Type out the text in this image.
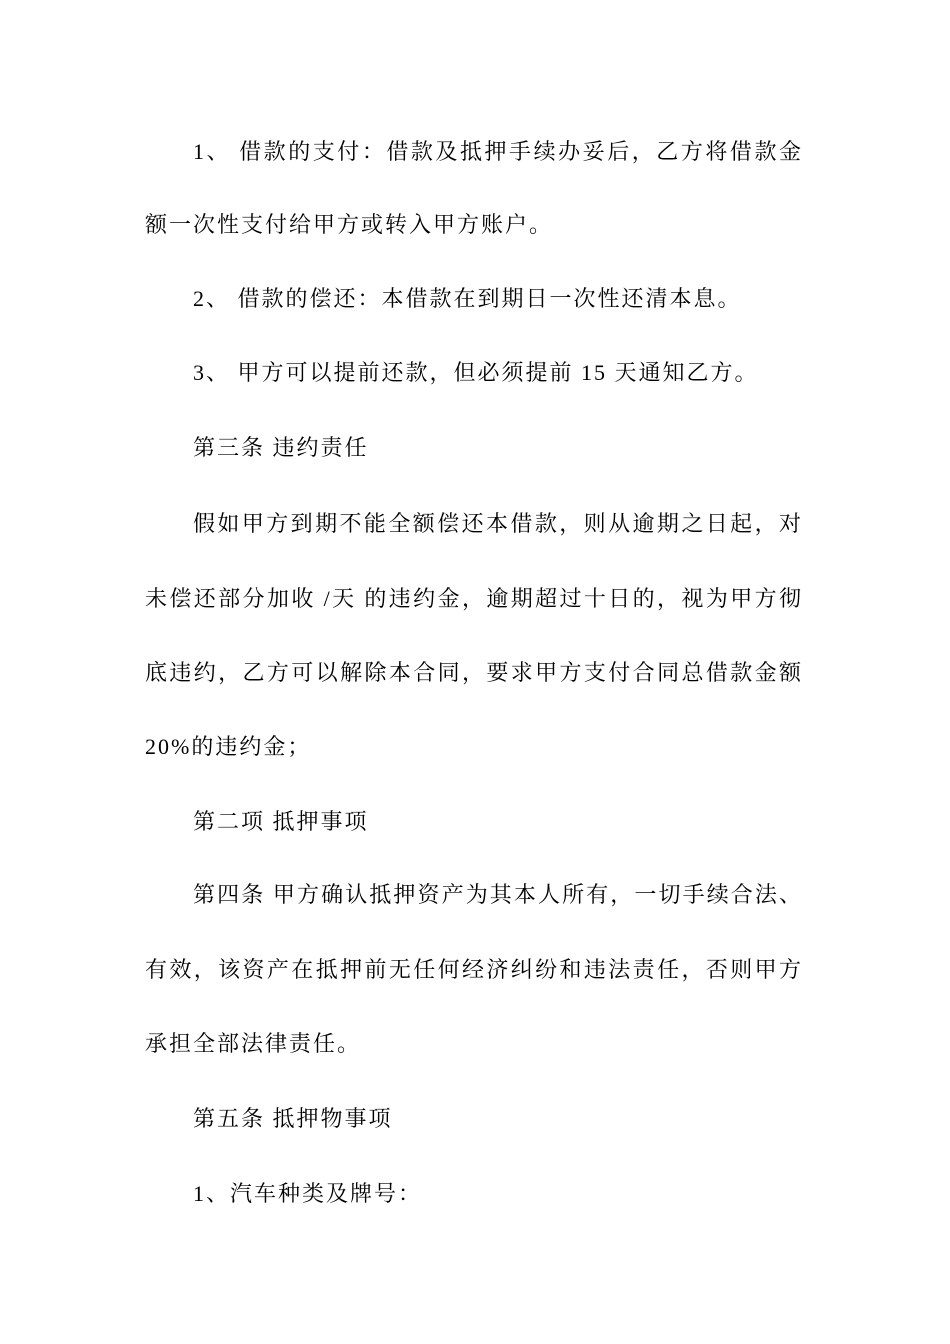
1、 借款的支付：借款及抵押手续办妥后，乙方将借款金
额一次性支付给甲方或转入甲方账户。
2、 借款的偿还：本借款在到期日一次性还清本息。
3、 甲方可以提前还款，但必须提前 15 天通知乙方。
第三条 违约责任
假如甲方到期不能全额偿还本借款，则从逾期之日起，对
未偿还部分加收 /天 的违约金，逾期超过十日的，视为甲方彻
底违约，乙方可以解除本合同，要求甲方支付合同总借款金额
20%的违约金；
第二项 抵押事项
第四条 甲方确认抵押资产为其本人所有，一切手续合法、
有效，该资产在抵押前无任何经济纠纷和违法责任，否则甲方
承担全部法律责任。
第五条 抵押物事项
1、汽车种类及牌号：
